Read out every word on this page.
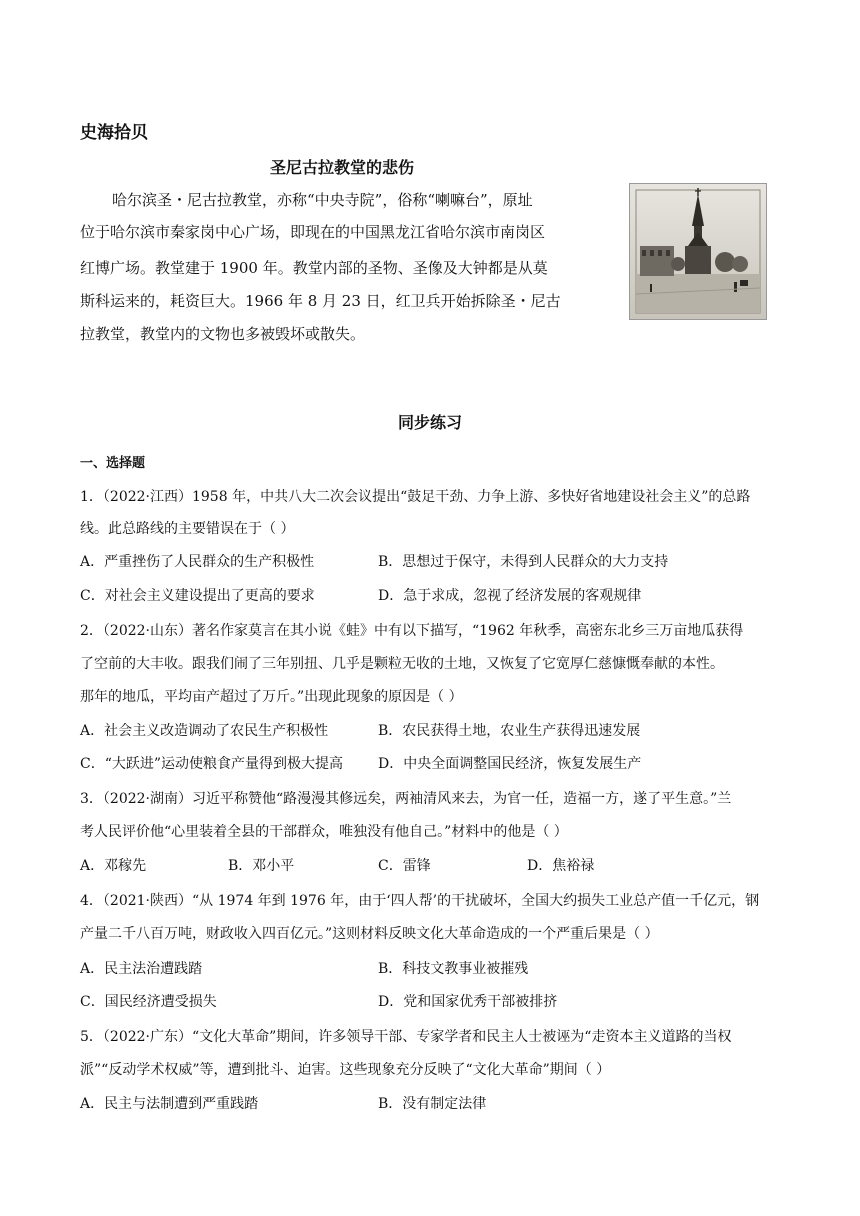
史海拾贝
圣尼古拉教堂的悲伤
哈尔滨圣・尼古拉教堂，亦称“中央寺院”，俗称“喇嘛台”，原址
位于哈尔滨市秦家岗中心广场，即现在的中国黑龙江省哈尔滨市南岗区
红博广场。教堂建于 1900 年。教堂内部的圣物、圣像及大钟都是从莫
斯科运来的，耗资巨大。1966 年 8 月 23 日，红卫兵开始拆除圣・尼古
拉教堂，教堂内的文物也多被毁坏或散失。
同步练习
一、选择题
1．（2022·江西）1958 年，中共八大二次会议提出“鼓足干劲、力争上游、多快好省地建设社会主义”的总路
线。此总路线的主要错误在于（ ）
A．严重挫伤了人民群众的生产积极性	B．思想过于保守，未得到人民群众的大力支持
C．对社会主义建设提出了更高的要求	D．急于求成，忽视了经济发展的客观规律
2．（2022·山东）著名作家莫言在其小说《蛙》中有以下描写，“1962 年秋季，高密东北乡三万亩地瓜获得
了空前的大丰收。跟我们闹了三年别扭、几乎是颗粒无收的土地，又恢复了它宽厚仁慈慷慨奉献的本性。
那年的地瓜，平均亩产超过了万斤。”出现此现象的原因是（ ）
A．社会主义改造调动了农民生产积极性	B．农民获得土地，农业生产获得迅速发展
C．“大跃进”运动使粮食产量得到极大提高 D．中央全面调整国民经济，恢复发展生产
3．（2022·湖南）习近平称赞他“路漫漫其修远矣，两袖清风来去，为官一任，造福一方，遂了平生意。”兰
考人民评价他“心里装着全县的干部群众，唯独没有他自己。”材料中的他是（ ）
A．邓稼先	B．邓小平	C．雷锋	D．焦裕禄
4．（2021·陕西）“从 1974 年到 1976 年，由于‘四人帮’的干扰破坏，全国大约损失工业总产值一千亿元，钢
产量二千八百万吨，财政收入四百亿元。”这则材料反映文化大革命造成的一个严重后果是（ ）
A．民主法治遭践踏	B．科技文教事业被摧残
C．国民经济遭受损失	D．党和国家优秀干部被排挤
5．（2022·广东）“文化大革命”期间，许多领导干部、专家学者和民主人士被诬为“走资本主义道路的当权
派”“反动学术权威”等，遭到批斗、迫害。这些现象充分反映了“文化大革命”期间（ ）
A．民主与法制遭到严重践踏	B．没有制定法律
